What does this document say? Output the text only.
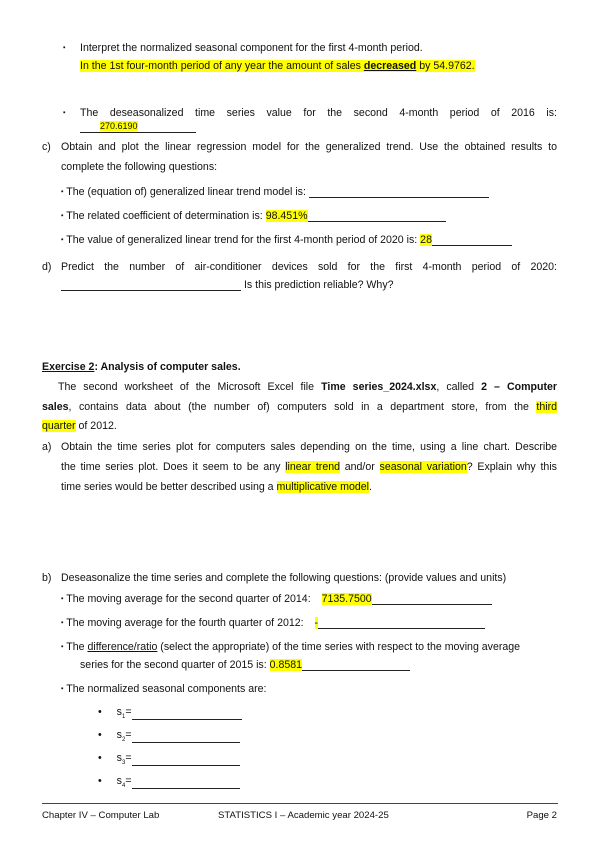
▪ Interpret the normalized seasonal component for the first 4-month period.
In the 1st four-month period of any year the amount of sales decreased by 54.9762.
▪ The deseasonalized time series value for the second 4-month period of 2016 is:
270.6190
c) Obtain and plot the linear regression model for the generalized trend. Use the obtained results to
complete the following questions:
▪ The (equation of) generalized linear trend model is:
▪ The related coefficient of determination is: 98.451%
▪ The value of generalized linear trend for the first 4-month period of 2020 is: 28
d) Predict the number of air-conditioner devices sold for the first 4-month period of 2020:
Is this prediction reliable? Why?
Exercise 2: Analysis of computer sales.
The second worksheet of the Microsoft Excel file Time series_2024.xlsx, called 2 – Computer
sales, contains data about (the number of) computers sold in a department store, from the third
quarter of 2012.
a) Obtain the time series plot for computers sales depending on the time, using a line chart. Describe
the time series plot. Does it seem to be any linear trend and/or seasonal variation? Explain why this
time series would be better described using a multiplicative model.
b) Deseasonalize the time series and complete the following questions: (provide values and units)
▪ The moving average for the second quarter of 2014: 7135.7500
▪ The moving average for the fourth quarter of 2012: -
▪ The difference/ratio (select the appropriate) of the time series with respect to the moving average
series for the second quarter of 2015 is: 0.8581
▪ The normalized seasonal components are:
• $s_1=$
• $s_2=$
• $s_3=$
• $s_4=$
Chapter IV – Computer Lab	STATISTICS I – Academic year 2024-25	Page 2
